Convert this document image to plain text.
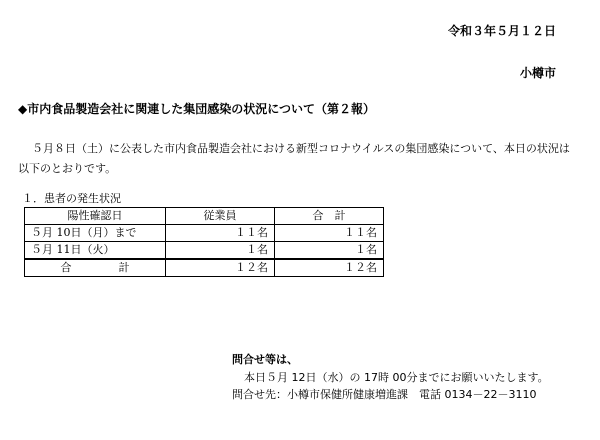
令和３年５月１２日
小樽市
◆市内食品製造会社に関連した集団感染の状況について（第２報）

５月８日（土）に公表した市内食品製造会社における新型コロナウイルスの集団感染について、本日の状況は以下のとおりです。

１．患者の発生状況
陽性確認日	従業員	合　計
５月 10日（月）まで	１１名	１１名
５月 11日（火）	１名	１名
合　計	１２名	１２名
問合せ等は、
本日５月 12日（水）の 17時 00分までにお願いいたします。
問合せ先：小樽市保健所健康増進課　電話 0134－22－3110
